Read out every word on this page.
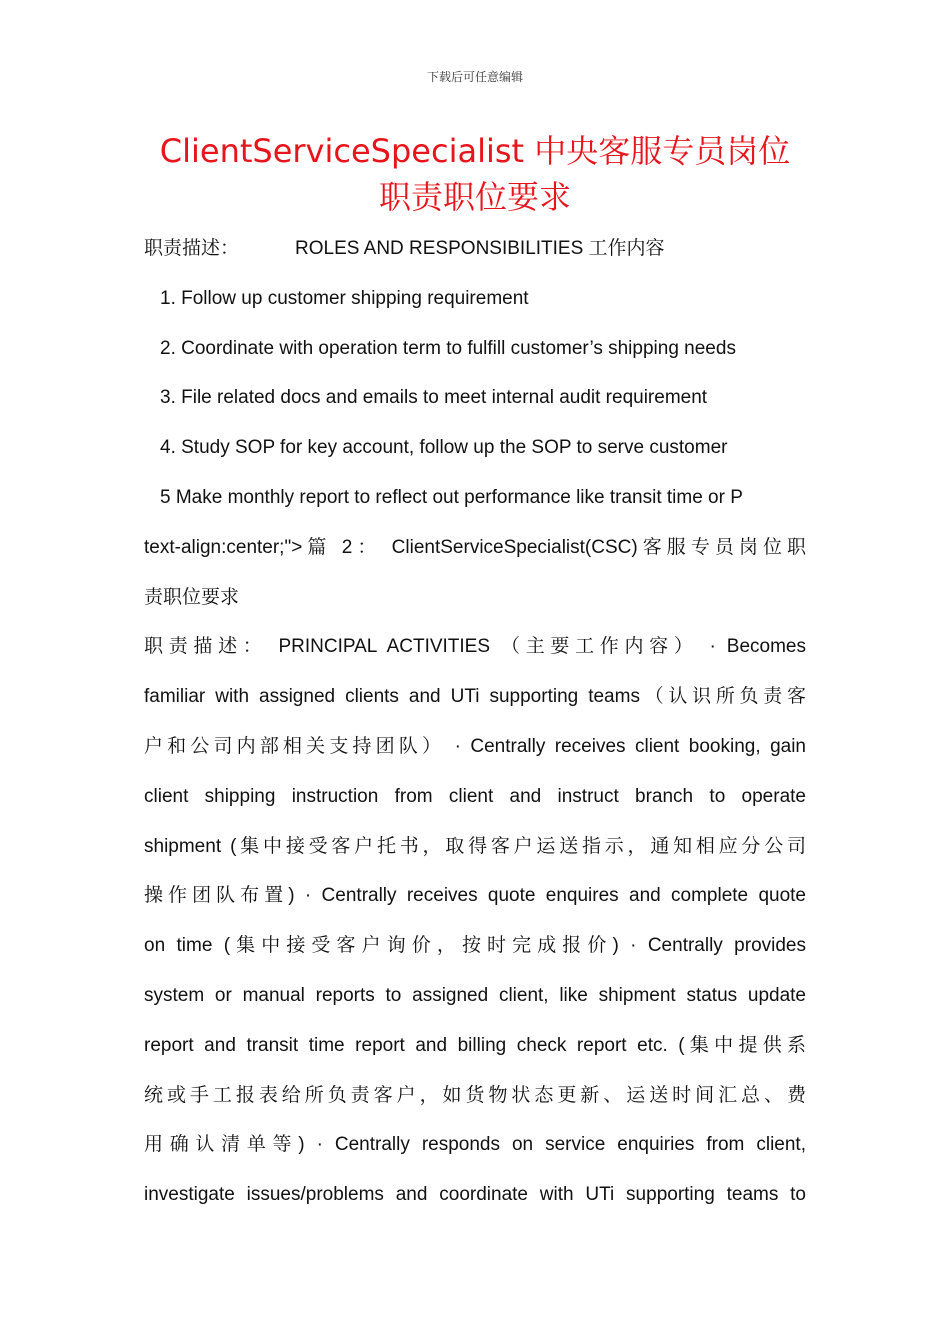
下载后可任意编辑
ClientServiceSpecialist 中央客服专员岗位职责职位要求
职责描述：	ROLES AND RESPONSIBILITIES 工作内容
1. Follow up customer shipping requirement
2. Coordinate with operation term to fulfill customer’s shipping needs
3. File related docs and emails to meet internal audit requirement
4. Study SOP for key account, follow up the SOP to serve customer
5 Make monthly report to reflect out performance like transit time or P
text-align:center;">篇 2： ClientServiceSpecialist(CSC)客服专员岗位职
责职位要求
职责描述： PRINCIPAL ACTIVITIES （主要工作内容） · Becomes
familiar with assigned clients and UTi supporting teams（认识所负责客
户和公司内部相关支持团队） · Centrally receives client booking, gain
client shipping instruction from client and instruct branch to operate
shipment (集中接受客户托书，取得客户运送指示，通知相应分公司
操作团队布置) · Centrally receives quote enquires and complete quote
on time (集中接受客户询价，按时完成报价) · Centrally provides
system or manual reports to assigned client, like shipment status update
report and transit time report and billing check report etc. (集中提供系
统或手工报表给所负责客户，如货物状态更新、运送时间汇总、费
用确认清单等) · Centrally responds on service enquiries from client,
investigate issues/problems and coordinate with UTi supporting teams to
